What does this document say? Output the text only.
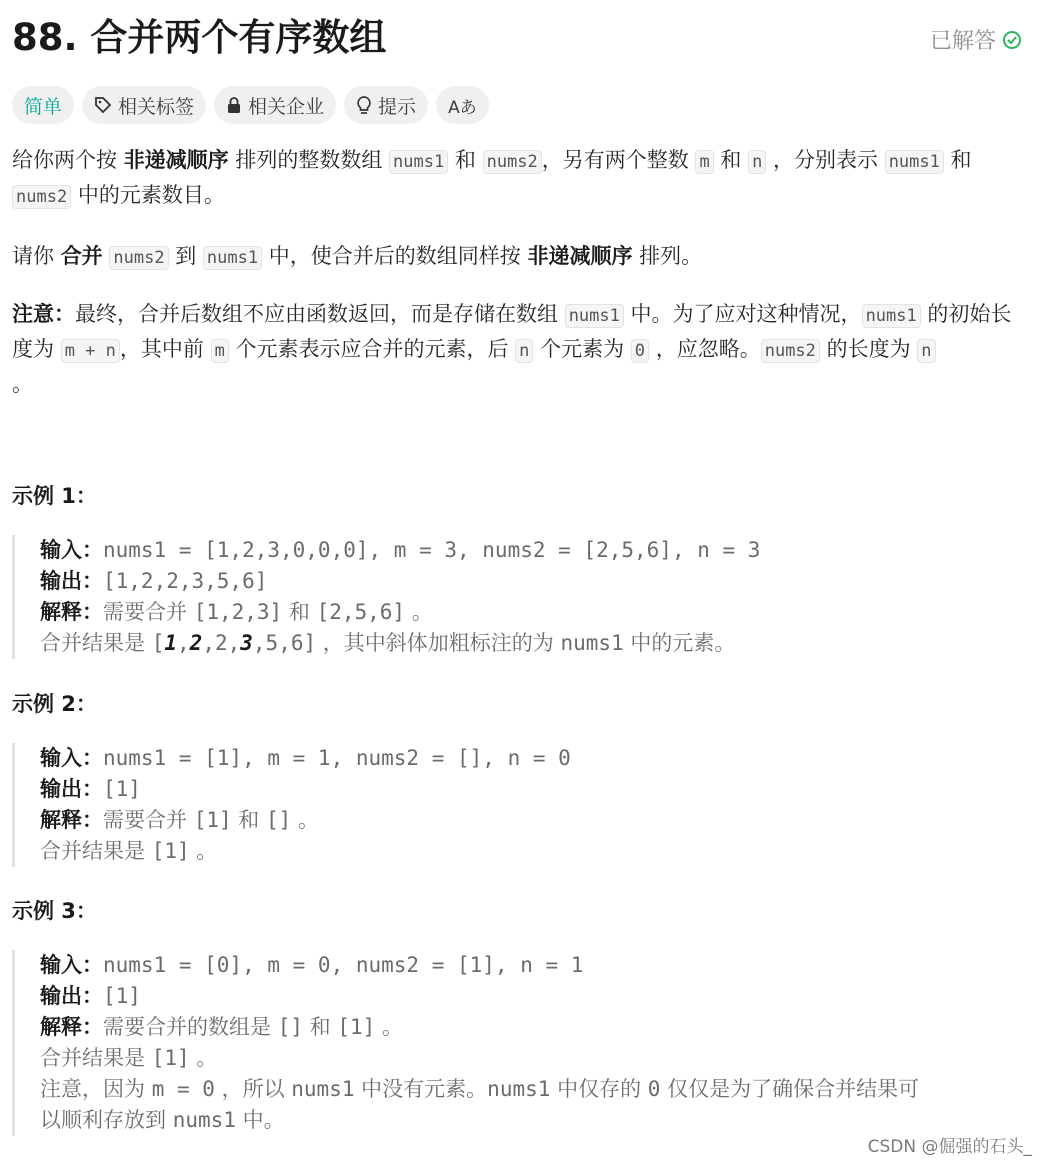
88. 合并两个有序数组	已解答
简单	相关标签	相关企业	提示 Aあ

给你两个按 非递减顺序 排列的整数数组 nums1 和 nums2 ，另有两个整数 m 和 n ，分别表示 nums1 和
nums2 中的元素数目。

请你 合并 nums2 到 nums1 中，使合并后的数组同样按 非递减顺序 排列。

注意：最终，合并后数组不应由函数返回，而是存储在数组 nums1 中。为了应对这种情况， nums1 的初始长度为 m + n ，其中前 m 个元素表示应合并的元素，后 n 个元素为 0 ，应忽略。 nums2 的长度为 n
。

示例 1：
输入：nums1 = [1,2,3,0,0,0], m = 3, nums2 = [2,5,6], n = 3
输出：[1,2,2,3,5,6]
解释：需要合并 [1,2,3] 和 [2,5,6] 。
合并结果是 [1,2,2,3,5,6] ，其中斜体加粗标注的为 nums1 中的元素。
示例 2：
输入：nums1 = [1], m = 1, nums2 = [], n = 0
输出：[1]
解释：需要合并 [1] 和 [] 。
合并结果是 [1] 。
示例 3：
输入：nums1 = [0], m = 0, nums2 = [1], n = 1
输出：[1]
解释：需要合并的数组是 [] 和 [1] 。
合并结果是 [1] 。
注意，因为 m = 0 ，所以 nums1 中没有元素。nums1 中仅存的 0 仅仅是为了确保合并结果可
以顺利存放到 nums1 中。
CSDN @倔强的石头_
